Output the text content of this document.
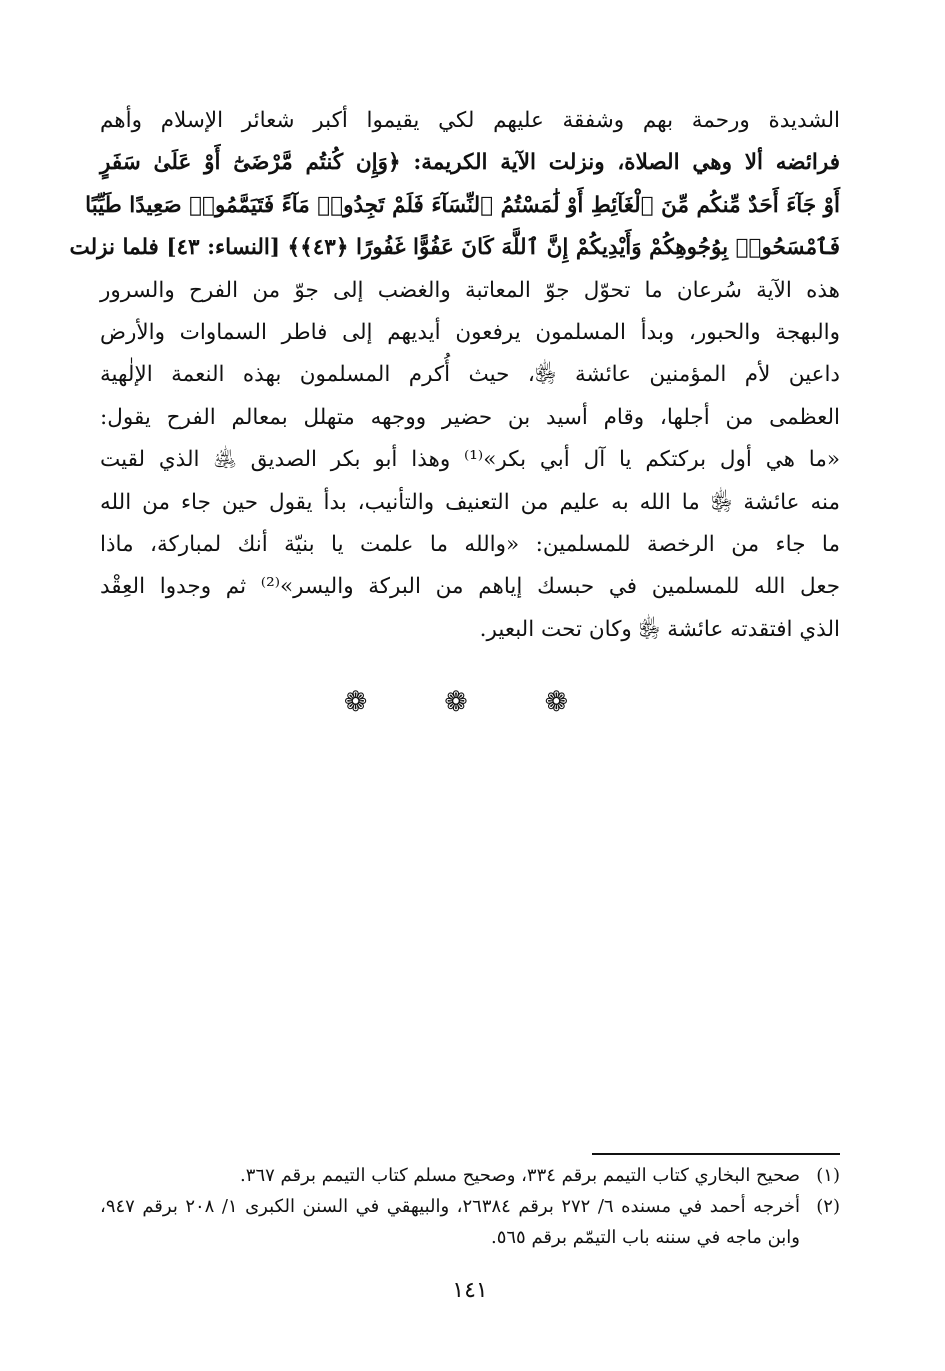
الشديدة ورحمة بهم وشفقة عليهم لكي يقيموا أكبر شعائر الإسلام وأهم
فرائضه ألا وهي الصلاة، ونزلت الآية الكريمة: ﴿وَإِن كُنتُم مَّرْضَىٰٓ أَوْ عَلَىٰ سَفَرٍ
أَوْ جَآءَ أَحَدٌ مِّنكُم مِّنَ ٱلْغَآئِطِ أَوْ لَٰمَسْتُمُ ٱلنِّسَآءَ فَلَمْ تَجِدُوا۟ مَآءً فَتَيَمَّمُوا۟ صَعِيدًا طَيِّبًا
فَٱمْسَحُوا۟ بِوُجُوهِكُمْ وَأَيْدِيكُمْ إِنَّ ٱللَّهَ كَانَ عَفُوًّا غَفُورًا ﴿٤٣﴾﴾ [النساء: ٤٣] فلما نزلت
هذه الآية سُرعان ما تحوّل جوّ المعاتبة والغضب إلى جوّ من الفرح والسرور
والبهجة والحبور، وبدأ المسلمون يرفعون أيديهم إلى فاطر السماوات والأرض
داعين لأم المؤمنين عائشة ﵂، حيث أُكرم المسلمون بهذه النعمة الإلٰهية
العظمى من أجلها، وقام أسيد بن حضير ووجهه متهلل بمعالم الفرح يقول:
«ما هي أول بركتكم يا آل أبي بكر»⁽¹⁾ وهذا أبو بكر الصديق ﵁ الذي لقيت
منه عائشة ﵂ ما الله به عليم من التعنيف والتأنيب، بدأ يقول حين جاء من الله
ما جاء من الرخصة للمسلمين: «والله ما علمت يا بنيّة أنك لمباركة، ماذا
جعل الله للمسلمين في حبسك إياهم من البركة واليسر»⁽²⁾ ثم وجدوا العِقْد
الذي افتقدته عائشة ﵂ وكان تحت البعير.
❁ ❁ ❁
(١)
صحيح البخاري كتاب التيمم برقم ٣٣٤، وصحيح مسلم كتاب التيمم برقم ٣٦٧.
(٢)
أخرجه أحمد في مسنده ٦/ ٢٧٢ برقم ٢٦٣٨٤، والبيهقي في السنن الكبرى ١/ ٢٠٨ برقم ٩٤٧، وابن ماجه في سننه باب التيمّم برقم ٥٦٥.
١٤١
